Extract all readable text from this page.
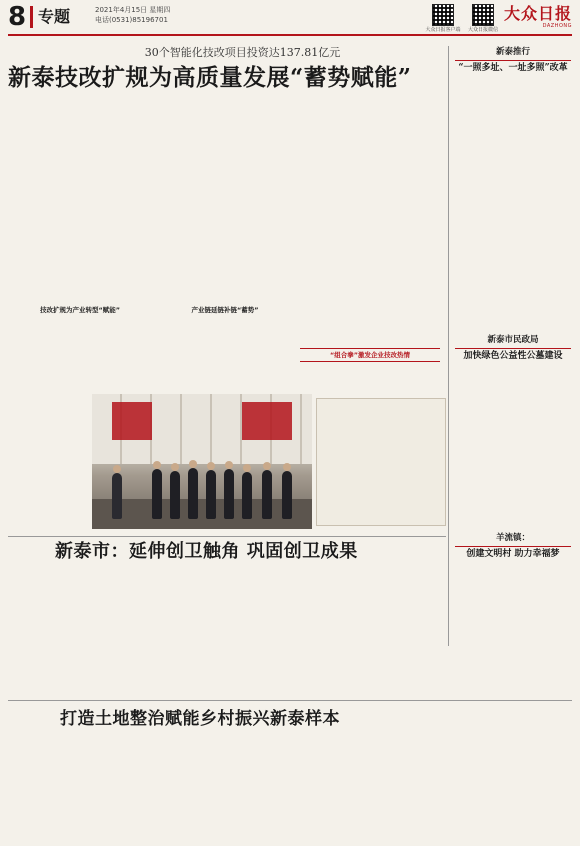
8 专题	2021年4月15日 星期四
电话(0531)85196701
大众日报客户端	大众日报微信
大众日报
DAZHONG
30个智能化技改项目投资达137.81亿元
新泰技改扩规为高质量发展“蓄势赋能”
技改扩规为产业转型“赋能”	产业链延链补链“蓄势”
“组合拳”激发企业技改热情
新泰推行
“一照多址、一址多照”改革
新泰市民政局
加快绿色公益性公墓建设
羊流镇：
创建文明村 助力幸福梦
新泰市：延伸创卫触角 巩固创卫成果
打造土地整治赋能乡村振兴新泰样本
